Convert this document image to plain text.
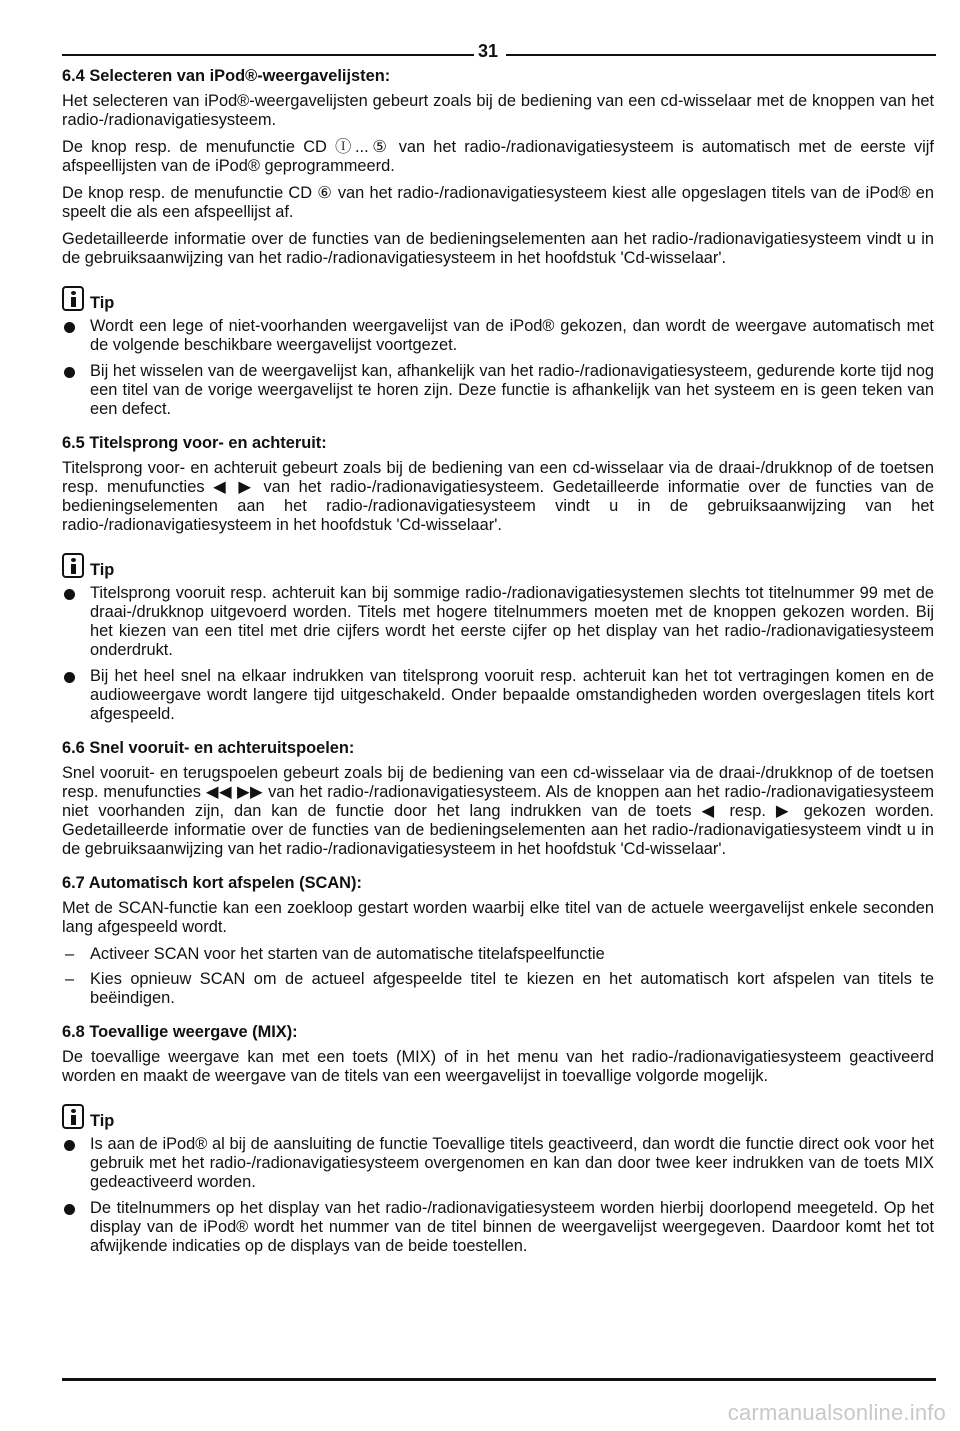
31
6.4 Selecteren van iPod®-weergavelijsten:

Het selecteren van iPod®-weergavelijsten gebeurt zoals bij de bediening van een cd-wisselaar met de knoppen van het radio-/radionavigatiesysteem.

De knop resp. de menufunctie CD Ⓘ...⑤ van het radio-/radionavigatiesysteem is automatisch met de eerste vijf afspeellijsten van de iPod® geprogrammeerd.

De knop resp. de menufunctie CD ⑥ van het radio-/radionavigatiesysteem kiest alle opgeslagen titels van de iPod® en speelt die als een afspeellijst af.

Gedetailleerde informatie over de functies van de bedieningselementen aan het radio-/radionavigatiesysteem vindt u in de gebruiksaanwijzing van het radio-/radionavigatiesysteem in het hoofdstuk 'Cd-wisselaar'.

Tip
Wordt een lege of niet-voorhanden weergavelijst van de iPod® gekozen, dan wordt de weergave automatisch met de volgende beschikbare weergavelijst voortgezet.
Bij het wisselen van de weergavelijst kan, afhankelijk van het radio-/radionavigatiesysteem, gedurende korte tijd nog een titel van de vorige weergavelijst te horen zijn. Deze functie is afhankelijk van het systeem en is geen teken van een defect.
6.5 Titelsprong voor- en achteruit:

Titelsprong voor- en achteruit gebeurt zoals bij de bediening van een cd-wisselaar via de draai-/drukknop of de toetsen resp. menufuncties ◀ ▶ van het radio-/radionavigatiesysteem. Gedetailleerde informatie over de functies van de bedieningselementen aan het radio-/radionavigatiesysteem vindt u in de gebruiksaanwijzing van het radio-/radionavigatiesysteem in het hoofdstuk 'Cd-wisselaar'.

Tip
Titelsprong vooruit resp. achteruit kan bij sommige radio-/radionavigatiesystemen slechts tot titelnummer 99 met de draai-/drukknop uitgevoerd worden. Titels met hogere titelnummers moeten met de knoppen gekozen worden. Bij het kiezen van een titel met drie cijfers wordt het eerste cijfer op het display van het radio-/radionavigatiesysteem onderdrukt.
Bij het heel snel na elkaar indrukken van titelsprong vooruit resp. achteruit kan het tot vertragingen komen en de audioweergave wordt langere tijd uitgeschakeld. Onder bepaalde omstandigheden worden overgeslagen titels kort afgespeeld.
6.6 Snel vooruit- en achteruitspoelen:

Snel vooruit- en terugspoelen gebeurt zoals bij de bediening van een cd-wisselaar via de draai-/drukknop of de toetsen resp. menufuncties ◀◀ ▶▶ van het radio-/radionavigatiesysteem. Als de knoppen aan het radio-/radionavigatiesysteem niet voorhanden zijn, dan kan de functie door het lang indrukken van de toets ◀ resp. ▶ gekozen worden. Gedetailleerde informatie over de functies van de bedieningselementen aan het radio-/radionavigatiesysteem vindt u in de gebruiksaanwijzing van het radio-/radionavigatiesysteem in het hoofdstuk 'Cd-wisselaar'.

6.7 Automatisch kort afspelen (SCAN):

Met de SCAN-functie kan een zoekloop gestart worden waarbij elke titel van de actuele weergavelijst enkele seconden lang afgespeeld wordt.

– Activeer SCAN voor het starten van de automatische titelafspeelfunctie
– Kies opnieuw SCAN om de actueel afgespeelde titel te kiezen en het automatisch kort afspelen van titels te beëindigen.
6.8 Toevallige weergave (MIX):

De toevallige weergave kan met een toets (MIX) of in het menu van het radio-/radionavigatiesysteem geactiveerd worden en maakt de weergave van de titels van een weergavelijst in toevallige volgorde mogelijk.

Tip
Is aan de iPod® al bij de aansluiting de functie Toevallige titels geactiveerd, dan wordt die functie direct ook voor het gebruik met het radio-/radionavigatiesysteem overgenomen en kan dan door twee keer indrukken van de toets MIX gedeactiveerd worden.
De titelnummers op het display van het radio-/radionavigatiesysteem worden hierbij doorlopend meegeteld. Op het display van de iPod® wordt het nummer van de titel binnen de weergavelijst weergegeven. Daardoor komt het tot afwijkende indicaties op de displays van de beide toestellen.
carmanualsonline.info
